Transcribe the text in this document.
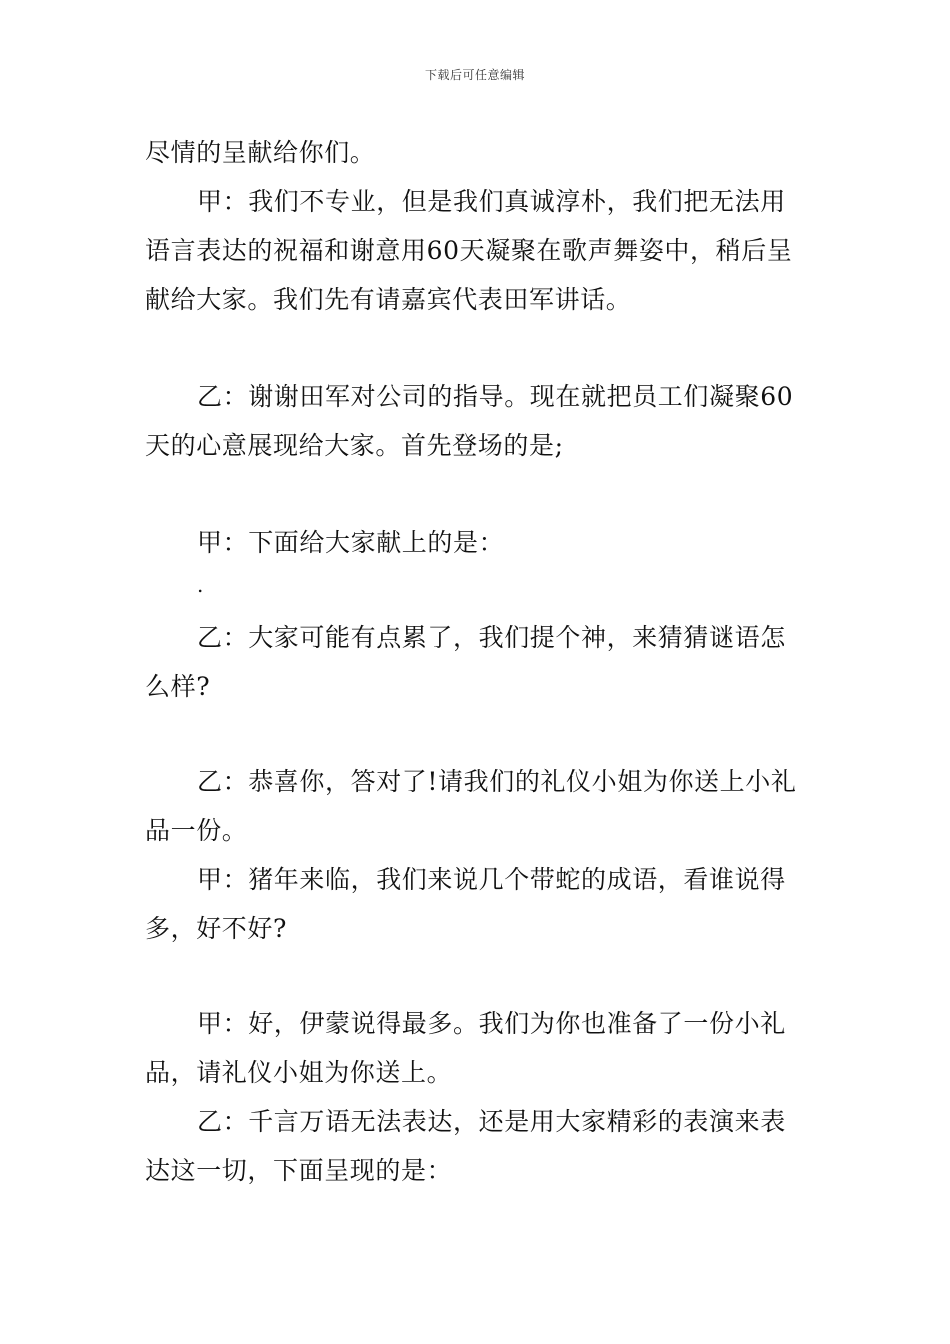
下载后可任意编辑

尽情的呈献给你们。

甲：我们不专业，但是我们真诚淳朴，我们把无法用语言表达的祝福和谢意用60天凝聚在歌声舞姿中，稍后呈献给大家。我们先有请嘉宾代表田军讲话。

乙：谢谢田军对公司的指导。现在就把员工们凝聚60天的心意展现给大家。首先登场的是;

甲：下面给大家献上的是：

.

乙：大家可能有点累了，我们提个神，来猜猜谜语怎么样?

乙：恭喜你，答对了!请我们的礼仪小姐为你送上小礼品一份。

甲：猪年来临，我们来说几个带蛇的成语，看谁说得多，好不好?

甲：好，伊蒙说得最多。我们为你也准备了一份小礼品，请礼仪小姐为你送上。

乙：千言万语无法表达，还是用大家精彩的表演来表达这一切，下面呈现的是：
